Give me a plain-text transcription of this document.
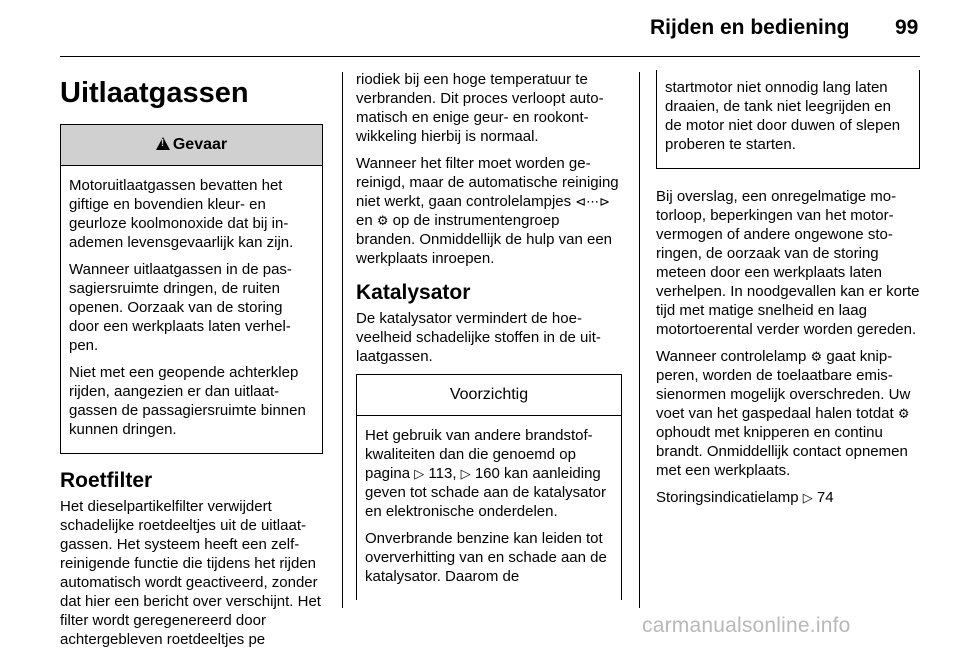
Rijden en bediening 99
Uitlaatgassen
!Gevaar

Motoruitlaatgassen bevatten het giftige en bovendien kleur- en geurloze koolmonoxide dat bij inademen levensgevaarlijk kan zijn.

Wanneer uitlaatgassen in de passagiersruimte dringen, de ruiten openen. Oorzaak van de storing door een werkplaats laten verhelpen.

Niet met een geopende achterklep rijden, aangezien er dan uitlaatgassen de passagiersruimte binnen kunnen dringen.

Roetfilter

Het dieselpartikelfilter verwijdert schadelijke roetdeeltjes uit de uitlaatgassen. Het systeem heeft een zelfreinigende functie die tijdens het rijden automatisch wordt geactiveerd, zonder dat hier een bericht over verschijnt. Het filter wordt geregenereerd door achtergebleven roetdeeltjes pe

riodiek bij een hoge temperatuur te verbranden. Dit proces verloopt automatisch en enige geur- en rookontwikkeling hierbij is normaal.

Wanneer het filter moet worden gereinigd, maar de automatische reiniging niet werkt, gaan controlelampjes ⊲⋯⊳ en ⚙ op de instrumentengroep branden. Onmiddellijk de hulp van een werkplaats inroepen.

Katalysator

De katalysator vermindert de hoeveelheid schadelijke stoffen in de uitlaatgassen.

Voorzichtig

Het gebruik van andere brandstofkwaliteiten dan die genoemd op pagina ▷ 113, ▷ 160 kan aanleiding geven tot schade aan de katalysator en elektronische onderdelen.

Onverbrande benzine kan leiden tot oververhitting van en schade aan de katalysator. Daarom de

startmotor niet onnodig lang laten draaien, de tank niet leegrijden en de motor niet door duwen of slepen proberen te starten.

Bij overslag, een onregelmatige motorloop, beperkingen van het motorvermogen of andere ongewone storingen, de oorzaak van de storing meteen door een werkplaats laten verhelpen. In noodgevallen kan er korte tijd met matige snelheid en laag motortoerental verder worden gereden.

Wanneer controlelamp ⚙ gaat knipperen, worden de toelaatbare emissienormen mogelijk overschreden. Uw voet van het gaspedaal halen totdat ⚙ ophoudt met knipperen en continu brandt. Onmiddellijk contact opnemen met een werkplaats.

Storingsindicatielamp ▷ 74

carmanualsonline.info
